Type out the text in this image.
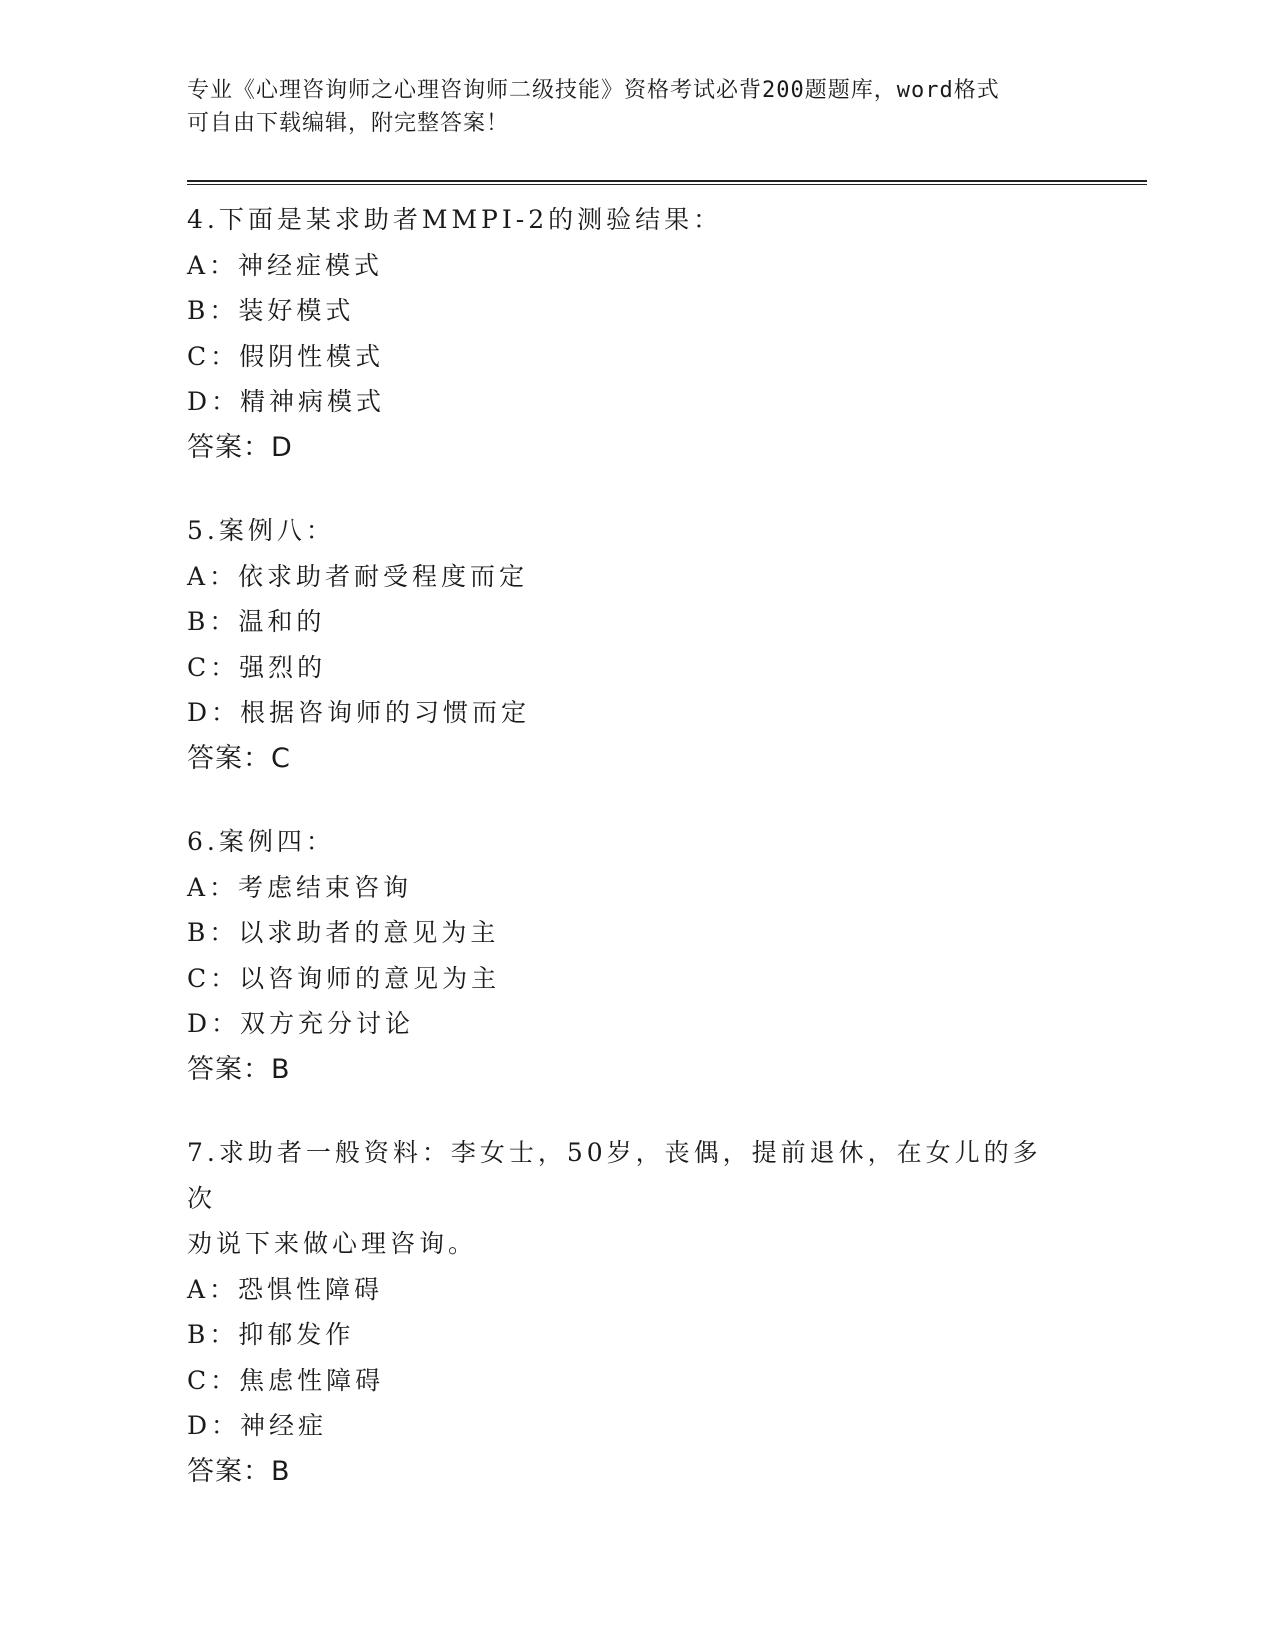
专业《心理咨询师之心理咨询师二级技能》资格考试必背200题题库，word格式
可自由下载编辑，附完整答案！
4.下面是某求助者MMPI-2的测验结果：
A：神经症模式
B：装好模式
C：假阴性模式
D：精神病模式
答案：D
5.案例八：
A：依求助者耐受程度而定
B：温和的
C：强烈的
D：根据咨询师的习惯而定
答案：C
6.案例四：
A：考虑结束咨询
B：以求助者的意见为主
C：以咨询师的意见为主
D：双方充分讨论
答案：B
7.求助者一般资料：李女士，50岁，丧偶，提前退休，在女儿的多次
劝说下来做心理咨询。
A：恐惧性障碍
B：抑郁发作
C：焦虑性障碍
D：神经症
答案：B
